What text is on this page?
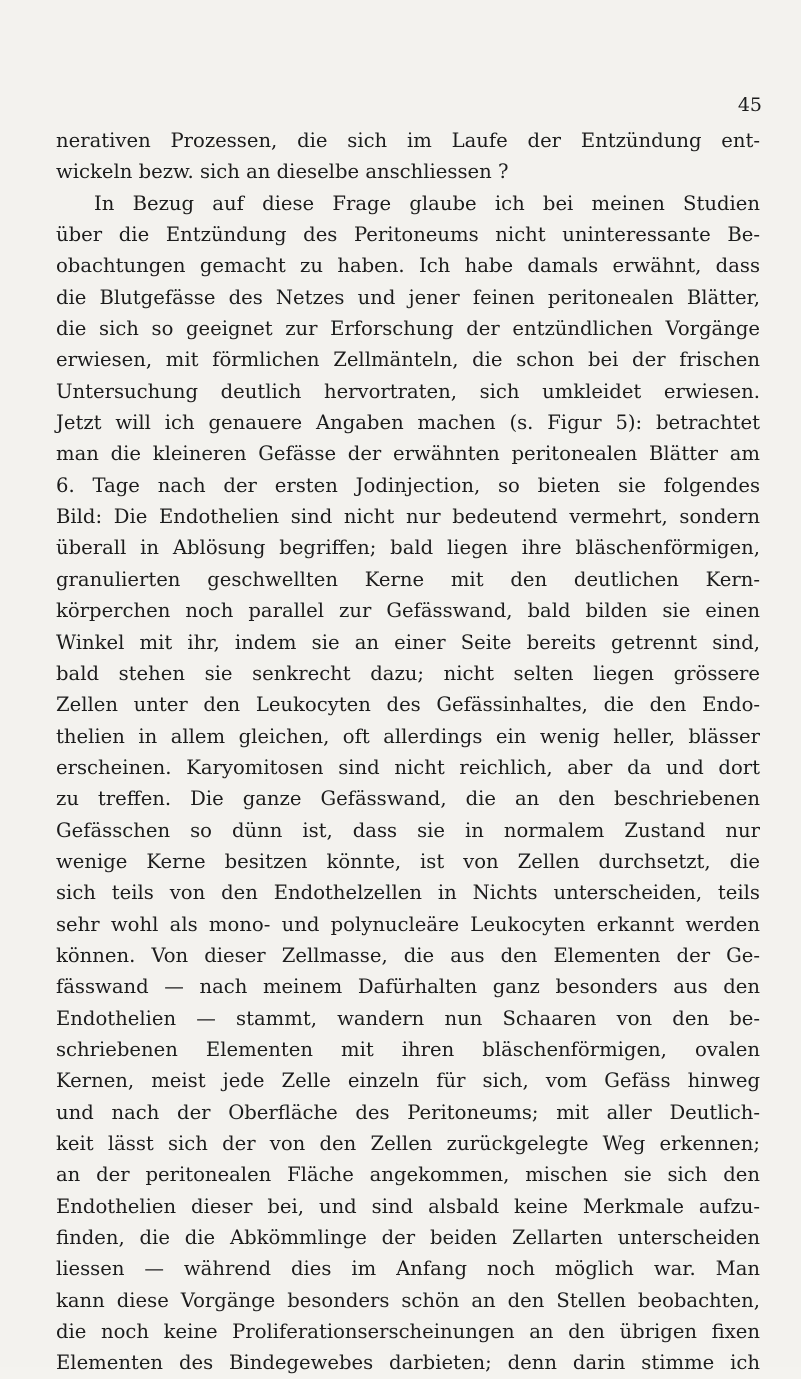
45

nerativen Prozessen, die sich im Laufe der Entzündung ent-
wickeln bezw. sich an dieselbe anschliessen ?
In Bezug auf diese Frage glaube ich bei meinen Studien
über die Entzündung des Peritoneums nicht uninteressante Be-
obachtungen gemacht zu haben. Ich habe damals erwähnt, dass
die Blutgefässe des Netzes und jener feinen peritonealen Blätter,
die sich so geeignet zur Erforschung der entzündlichen Vorgänge
erwiesen, mit förmlichen Zellmänteln, die schon bei der frischen
Untersuchung deutlich hervortraten, sich umkleidet erwiesen.
Jetzt will ich genauere Angaben machen (s. Figur 5): betrachtet
man die kleineren Gefässe der erwähnten peritonealen Blätter am
6. Tage nach der ersten Jodinjection, so bieten sie folgendes
Bild: Die Endothelien sind nicht nur bedeutend vermehrt, sondern
überall in Ablösung begriffen; bald liegen ihre bläschenförmigen,
granulierten geschwellten Kerne mit den deutlichen Kern-
körperchen noch parallel zur Gefässwand, bald bilden sie einen
Winkel mit ihr, indem sie an einer Seite bereits getrennt sind,
bald stehen sie senkrecht dazu; nicht selten liegen grössere
Zellen unter den Leukocyten des Gefässinhaltes, die den Endo-
thelien in allem gleichen, oft allerdings ein wenig heller, blässer
erscheinen. Karyomitosen sind nicht reichlich, aber da und dort
zu treffen. Die ganze Gefässwand, die an den beschriebenen
Gefässchen so dünn ist, dass sie in normalem Zustand nur
wenige Kerne besitzen könnte, ist von Zellen durchsetzt, die
sich teils von den Endothelzellen in Nichts unterscheiden, teils
sehr wohl als mono- und polynucleäre Leukocyten erkannt werden
können. Von dieser Zellmasse, die aus den Elementen der Ge-
fässwand — nach meinem Dafürhalten ganz besonders aus den
Endothelien — stammt, wandern nun Schaaren von den be-
schriebenen Elementen mit ihren bläschenförmigen, ovalen
Kernen, meist jede Zelle einzeln für sich, vom Gefäss hinweg
und nach der Oberfläche des Peritoneums; mit aller Deutlich-
keit lässt sich der von den Zellen zurückgelegte Weg erkennen;
an der peritonealen Fläche angekommen, mischen sie sich den
Endothelien dieser bei, und sind alsbald keine Merkmale aufzu-
finden, die die Abkömmlinge der beiden Zellarten unterscheiden
liessen — während dies im Anfang noch möglich war. Man
kann diese Vorgänge besonders schön an den Stellen beobachten,
die noch keine Proliferationserscheinungen an den übrigen fixen
Elementen des Bindegewebes darbieten; denn darin stimme ich
